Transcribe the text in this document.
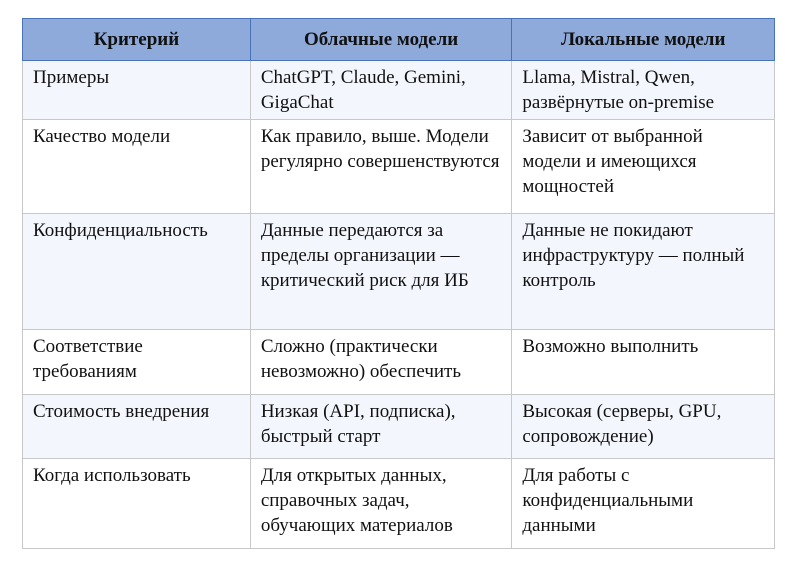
Критерий	Облачные модели	Локальные модели
Примеры	ChatGPT, Claude, Gemini, GigaChat	Llama, Mistral, Qwen, развёрнутые on-premise
Качество модели	Как правило, выше. Модели регулярно совершенствуются	Зависит от выбранной модели и имеющихся мощностей
Конфиденциальность	Данные передаются за пределы организации — критический риск для ИБ	Данные не покидают инфраструктуру — полный контроль
Соответствие требованиям	Сложно (практически невозможно) обеспечить	Возможно выполнить
Стоимость внедрения	Низкая (API, подписка), быстрый старт	Высокая (серверы, GPU, сопровождение)
Когда использовать	Для открытых данных, справочных задач, обучающих материалов	Для работы с конфиденциальными данными
